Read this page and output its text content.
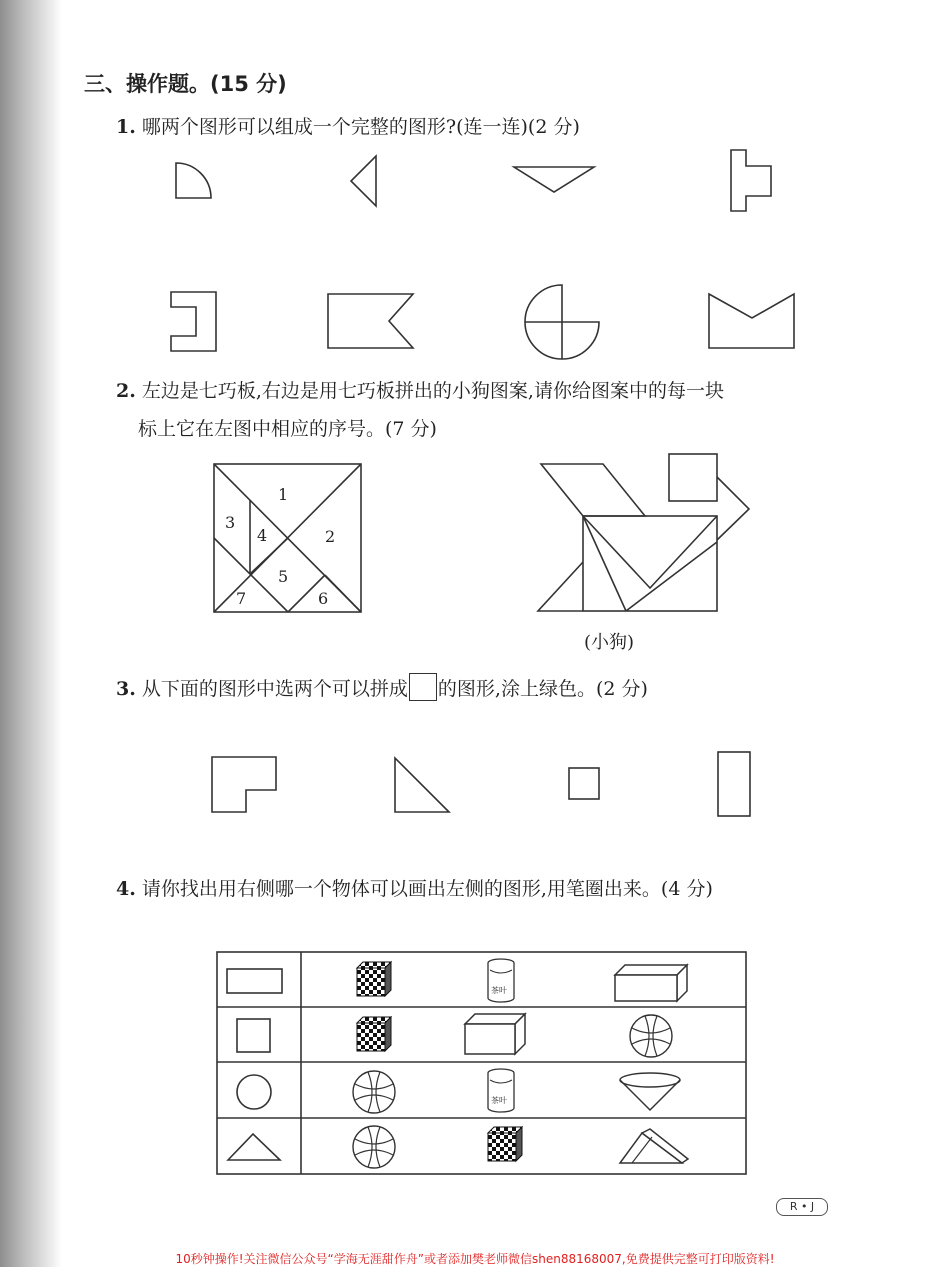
三、操作题。(15 分)
1. 哪两个图形可以组成一个完整的图形?(连一连)(2 分)
2. 左边是七巧板,右边是用七巧板拼出的小狗图案,请你给图案中的每一块
标上它在左图中相应的序号。(7 分)
(小狗)
3. 从下面的图形中选两个可以拼成 的图形,涂上绿色。(2 分)
4. 请你找出用右侧哪一个物体可以画出左侧的图形,用笔圈出来。(4 分)
1
2
3
4
5
6
7
茶叶
茶叶
R • J
10秒钟操作!关注微信公众号“学海无涯甜作舟”或者添加樊老师微信shen88168007,免费提供完整可打印版资料!
